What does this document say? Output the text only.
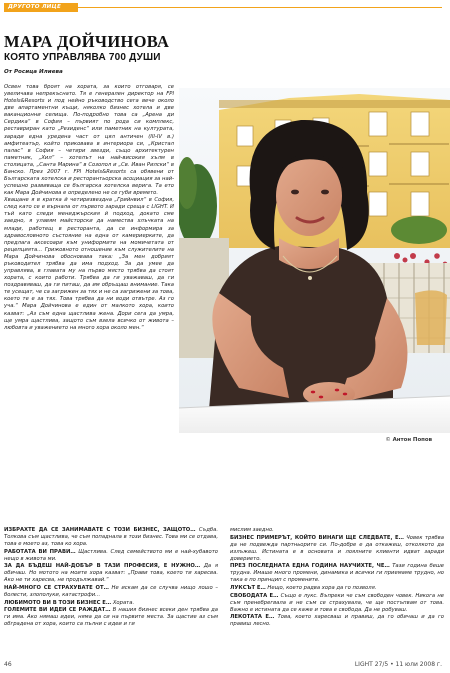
ДРУГОТО ЛИЦЕ
МАРА ДОЙЧИНОВА
КОЯТО УПРАВЛЯВА 700 ДУШИ
От Росица Илиева

Освен това броят на хората, за които отговаря, се увеличава непрекъснато. Тя е генерален директор на FPI Hotels&Resorts и под нейно ръководство сега вече около две апартаментни къщи, няколко бизнес хотела и две ваканционни селища. По-подробно това са „Арена ди Сердика“ в София – първият по рода си комплекс, реставриран като „Резиденс“ или паметник на културата, заради една уредена част от цял античен (III-IV в.) амфитеатър, който приковава в интериора си, „Кристал палас“ в София – четири звезди, също архитектурен паметник, „Хил“ – хотелът на най-високия хълм в столицата, „Санта Марина“ в Созопол и „Св. Иван Рилски“ в Банско. През 2007 г. FPI Hotels&Resorts са обявени от Българската хотелска и ресторантьорска асоциация за най-успешно развиваща се българска хотелска верига. Та ето как Мара Дойчинова е определено не се губи времето.

Хващане я в кратка й четиризвездна „Грийнвил“ в София, след като се е върнала от първото заради среща с LIGHT. И тъй като следи мениджърския й подход, докато сме заедно, я улавям майсторски да намества хлъчката на млади, работещ в ресторанта, да се информира за здравословното състояние на една от камериерките, да предлага аксесоари към униформите на момичетата от рецепцията... Грижовното отношение към служителите на Мара Дойчинова обосновава така: „За мен добрият ръководител трябва да има подход. За да умее да управлява, в главата му на първо място трябва да стоят хората, с които работи. Трябва да ги уважаваш, да ги поздравяваш, да ги питаш, да им обръщаш внимание. Така те усещат, че са загрижен за тях и не са загрижени за това, което те е за тях. Това трябва да ни води отвътре. Аз го уча.“ Мара Дойчинова е един от малкото хора, които казват: „Аз съм една щастлива жена. Дори сега да умра, ще умра щастлива, защото съм взела всичко от живота – любовта и уважението на много хора около мен.“

© Антон Попов

ИЗБРАХТЕ ДА СЕ ЗАНИМАВАТЕ С ТОЗИ БИЗНЕС, ЗАЩОТО… Съдба. Толкова съм щастлива, че съм попаднала в този бизнес. Това ми се отдава, това е моето аз, това ко хора.

РАБОТАТА ВИ ПРАВИ… Щастлива. След семейството ми е най-хубавото нещо в живота ми.

ЗА ДА БЪДЕШ НАЙ-ДОБЪР В ТАЗИ ПРОФЕСИЯ, Е НУЖНО… Да я обичаш. Но мотото на моите хора казват: „Прави това, което ти харесва. Ако не ти харесва, не продължавай.“

НАЙ-МНОГО СЕ СТРАХУВАТЕ ОТ… Не искам да се случва нищо лошо – болести, злополуки, катастрофи...

ЛЮБИМОТО ВИ В ТОЗИ БИЗНЕС Е… Хората.

ГОЛЕМИТЕ ВИ ИДЕИ СЕ РАЖДАТ… В нашия бизнес всеки ден трябва да ги има. Ако нямаш идеи, няма да си на първите места. За щастие аз съм обградена от хора, които са пълни с идеи и ги

мислим заедно.

БИЗНЕС ПРИМЕРЪТ, КОЙТО ВИНАГИ ЩЕ СЛЕДВАТЕ, Е… Човек трябва да не подвежда партньорите си. По-добре е да откажеш, отколкото да излъжеш. Истината е в основата и лоялните клиенти идват заради доверието.

ПРЕЗ ПОСЛЕДНАТА ЕДНА ГОДИНА НАУЧИХТЕ, ЧЕ… Тази година беше трудна. Имаше много промени, динамика и всички ги приемаме трудно, но така е по принцип с промените.

ЛУКСЪТ Е… Нещо, което радва хора да го позволя.

СВОБОДАТА Е… Също е лукс. Въпреки че съм свободен човек. Никога не съм пренебрегвала и не съм се страхувала, че ще постъпвам от това. Важно е истината да се каже и това е свобода. Да не робуваш.

ЛЕКОТАТА Е… Това, което харесваш и правиш, да го обичаш и да го правиш лесно.

46	LIGHT 27/5 • 11 юли 2008 г.
